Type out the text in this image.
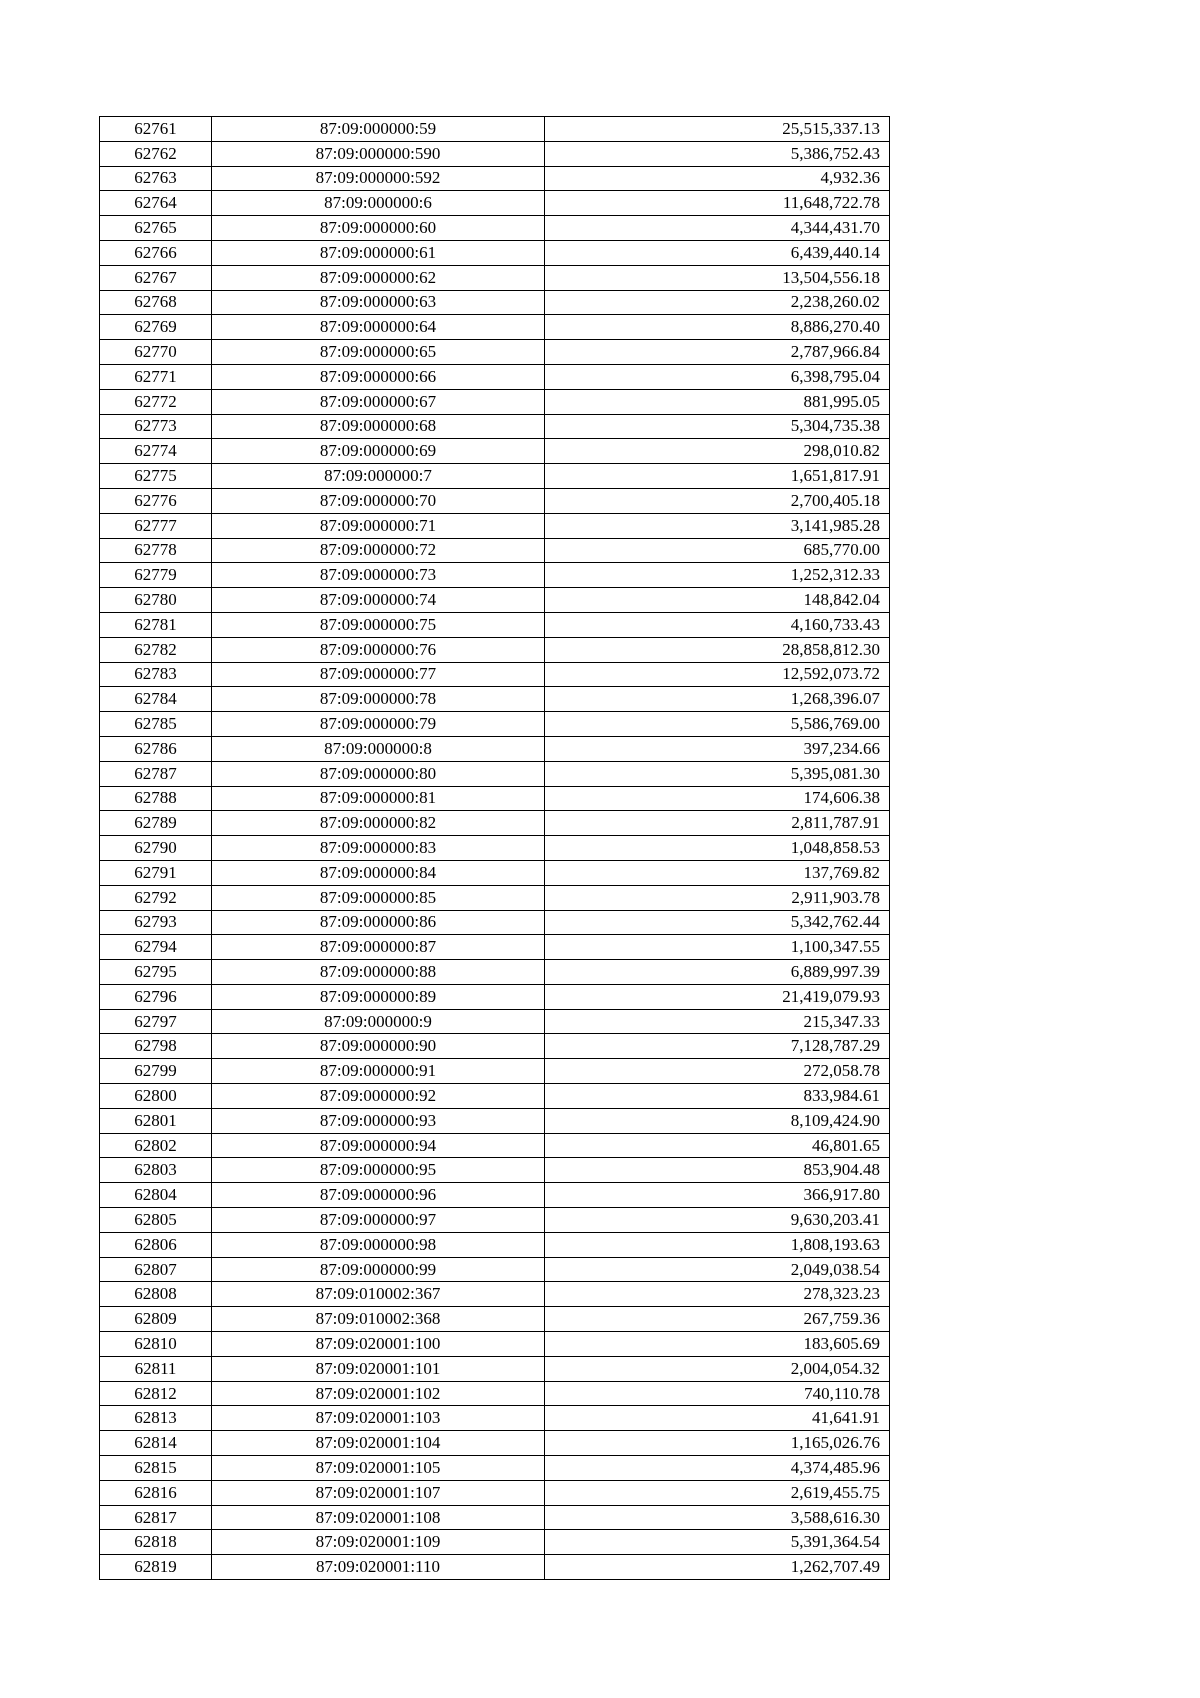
62761	87:09:000000:59	25,515,337.13
62762	87:09:000000:590	5,386,752.43
62763	87:09:000000:592	4,932.36
62764	87:09:000000:6	11,648,722.78
62765	87:09:000000:60	4,344,431.70
62766	87:09:000000:61	6,439,440.14
62767	87:09:000000:62	13,504,556.18
62768	87:09:000000:63	2,238,260.02
62769	87:09:000000:64	8,886,270.40
62770	87:09:000000:65	2,787,966.84
62771	87:09:000000:66	6,398,795.04
62772	87:09:000000:67	881,995.05
62773	87:09:000000:68	5,304,735.38
62774	87:09:000000:69	298,010.82
62775	87:09:000000:7	1,651,817.91
62776	87:09:000000:70	2,700,405.18
62777	87:09:000000:71	3,141,985.28
62778	87:09:000000:72	685,770.00
62779	87:09:000000:73	1,252,312.33
62780	87:09:000000:74	148,842.04
62781	87:09:000000:75	4,160,733.43
62782	87:09:000000:76	28,858,812.30
62783	87:09:000000:77	12,592,073.72
62784	87:09:000000:78	1,268,396.07
62785	87:09:000000:79	5,586,769.00
62786	87:09:000000:8	397,234.66
62787	87:09:000000:80	5,395,081.30
62788	87:09:000000:81	174,606.38
62789	87:09:000000:82	2,811,787.91
62790	87:09:000000:83	1,048,858.53
62791	87:09:000000:84	137,769.82
62792	87:09:000000:85	2,911,903.78
62793	87:09:000000:86	5,342,762.44
62794	87:09:000000:87	1,100,347.55
62795	87:09:000000:88	6,889,997.39
62796	87:09:000000:89	21,419,079.93
62797	87:09:000000:9	215,347.33
62798	87:09:000000:90	7,128,787.29
62799	87:09:000000:91	272,058.78
62800	87:09:000000:92	833,984.61
62801	87:09:000000:93	8,109,424.90
62802	87:09:000000:94	46,801.65
62803	87:09:000000:95	853,904.48
62804	87:09:000000:96	366,917.80
62805	87:09:000000:97	9,630,203.41
62806	87:09:000000:98	1,808,193.63
62807	87:09:000000:99	2,049,038.54
62808	87:09:010002:367	278,323.23
62809	87:09:010002:368	267,759.36
62810	87:09:020001:100	183,605.69
62811	87:09:020001:101	2,004,054.32
62812	87:09:020001:102	740,110.78
62813	87:09:020001:103	41,641.91
62814	87:09:020001:104	1,165,026.76
62815	87:09:020001:105	4,374,485.96
62816	87:09:020001:107	2,619,455.75
62817	87:09:020001:108	3,588,616.30
62818	87:09:020001:109	5,391,364.54
62819	87:09:020001:110	1,262,707.49
